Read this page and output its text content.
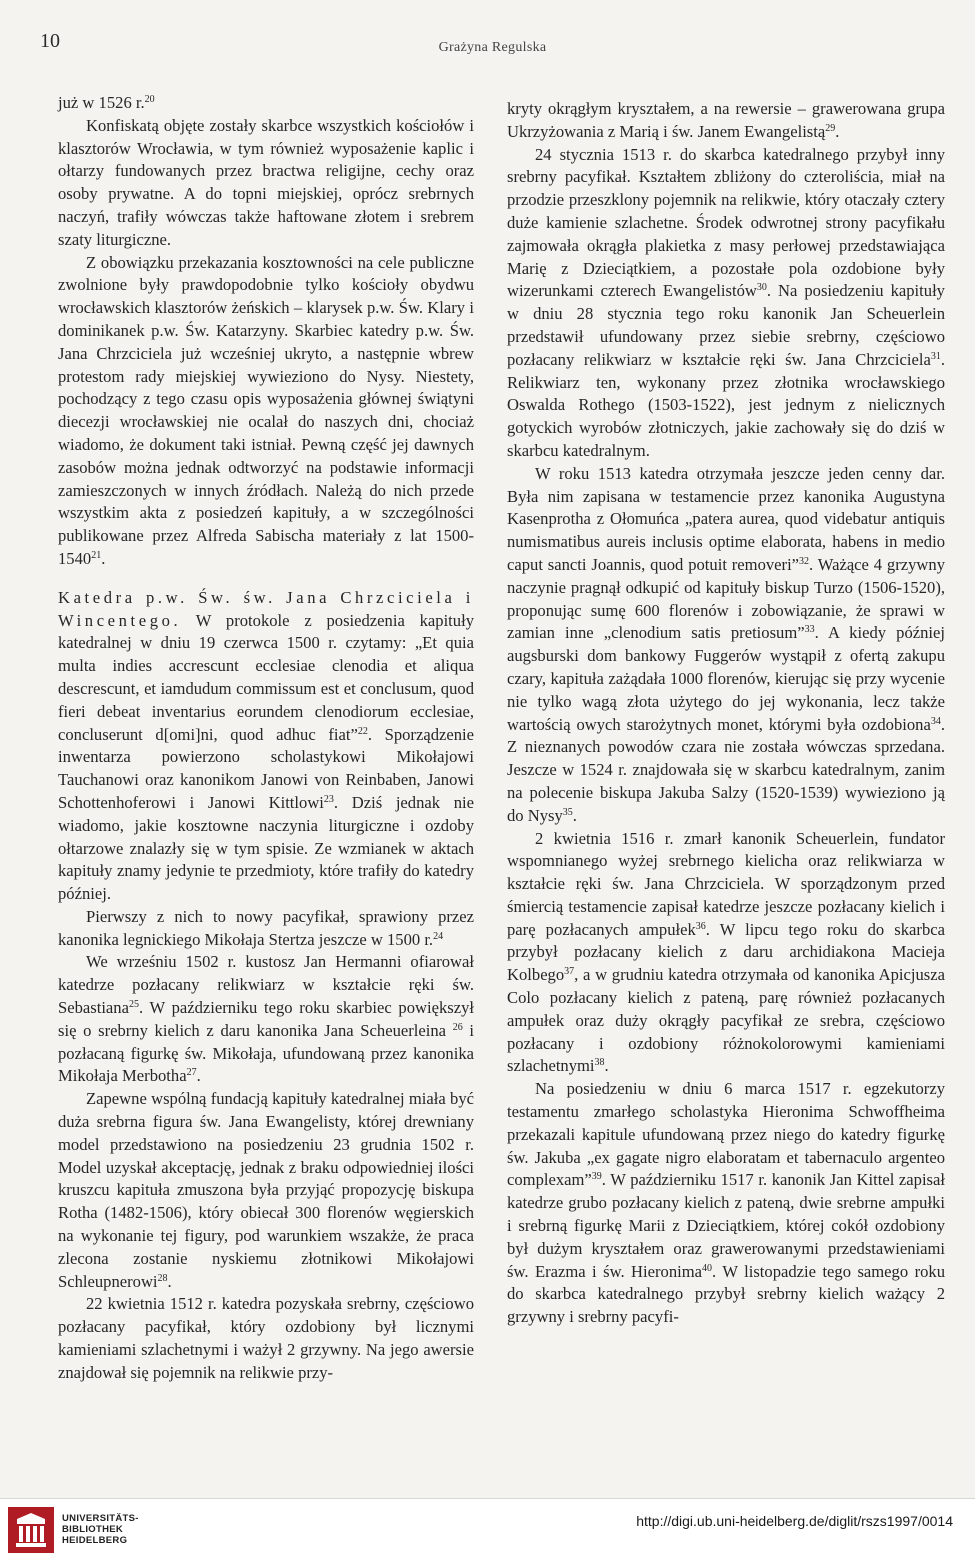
10	Grażyna Regulska

już w 1526 r.$^{20}$

Konfiskatą objęte zostały skarbce wszystkich kościołów i klasztorów Wrocławia, w tym również wyposażenie kaplic i ołtarzy fundowanych przez bractwa religijne, cechy oraz osoby prywatne. A do topni miejskiej, oprócz srebrnych naczyń, trafiły wówczas także haftowane złotem i srebrem szaty liturgiczne.

Z obowiązku przekazania kosztowności na cele publiczne zwolnione były prawdopodobnie tylko kościoły obydwu wrocławskich klasztorów żeńskich – klarysek p.w. Św. Klary i dominikanek p.w. Św. Katarzyny. Skarbiec katedry p.w. Św. Jana Chrzciciela już wcześniej ukryto, a następnie wbrew protestom rady miejskiej wywieziono do Nysy. Niestety, pochodzący z tego czasu opis wyposażenia głównej świątyni diecezji wrocławskiej nie ocalał do naszych dni, chociaż wiadomo, że dokument taki istniał. Pewną część jej dawnych zasobów można jednak odtworzyć na podstawie informacji zamieszczonych w innych źródłach. Należą do nich przede wszystkim akta z posiedzeń kapituły, a w szczególności publikowane przez Alfreda Sabischa materiały z lat 1500-1540$^{21}$.

Katedra p.w. Św. św. Jana Chrzciciela i Wincentego. W protokole z posiedzenia kapituły katedralnej w dniu 19 czerwca 1500 r. czytamy: „Et quia multa indies accrescunt ecclesiae clenodia et aliqua descrescunt, et iamdudum commissum est et conclusum, quod fieri debeat inventarius eorundem clenodiorum ecclesiae, concluserunt d[omi]ni, quod adhuc fiat”$^{22}$. Sporządzenie inwentarza powierzono scholastykowi Mikołajowi Tauchanowi oraz kanonikom Janowi von Reinbaben, Janowi Schottenhoferowi i Janowi Kittlowi$^{23}$. Dziś jednak nie wiadomo, jakie kosztowne naczynia liturgiczne i ozdoby ołtarzowe znalazły się w tym spisie. Ze wzmianek w aktach kapituły znamy jedynie te przedmioty, które trafiły do katedry później.

Pierwszy z nich to nowy pacyfikał, sprawiony przez kanonika legnickiego Mikołaja Stertza jeszcze w 1500 r.$^{24}$

We wrześniu 1502 r. kustosz Jan Hermanni ofiarował katedrze pozłacany relikwiarz w kształcie ręki św. Sebastiana$^{25}$. W październiku tego roku skarbiec powiększył się o srebrny kielich z daru kanonika Jana Scheuerleina $^{26}$ i pozłacaną figurkę św. Mikołaja, ufundowaną przez kanonika Mikołaja Merbotha$^{27}$.

Zapewne wspólną fundacją kapituły katedralnej miała być duża srebrna figura św. Jana Ewangelisty, której drewniany model przedstawiono na posiedzeniu 23 grudnia 1502 r. Model uzyskał akceptację, jednak z braku odpowiedniej ilości kruszcu kapituła zmuszona była przyjąć propozycję biskupa Rotha (1482-1506), który obiecał 300 florenów węgierskich na wykonanie tej figury, pod warunkiem wszakże, że praca zlecona zostanie nyskiemu złotnikowi Mikołajowi Schleupnerowi$^{28}$.

22 kwietnia 1512 r. katedra pozyskała srebrny, częściowo pozłacany pacyfikał, który ozdobiony był licznymi kamieniami szlachetnymi i ważył 2 grzywny. Na jego awersie znajdował się pojemnik na relikwie przy-

kryty okrągłym kryształem, a na rewersie – grawerowana grupa Ukrzyżowania z Marią i św. Janem Ewangelistą$^{29}$.

24 stycznia 1513 r. do skarbca katedralnego przybył inny srebrny pacyfikał. Kształtem zbliżony do czteroliścia, miał na przodzie przeszklony pojemnik na relikwie, który otaczały cztery duże kamienie szlachetne. Środek odwrotnej strony pacyfikału zajmowała okrągła plakietka z masy perłowej przedstawiająca Marię z Dzieciątkiem, a pozostałe pola ozdobione były wizerunkami czterech Ewangelistów$^{30}$. Na posiedzeniu kapituły w dniu 28 stycznia tego roku kanonik Jan Scheuerlein przedstawił ufundowany przez siebie srebrny, częściowo pozłacany relikwiarz w kształcie ręki św. Jana Chrzciciela$^{31}$. Relikwiarz ten, wykonany przez złotnika wrocławskiego Oswalda Rothego (1503-1522), jest jednym z nielicznych gotyckich wyrobów złotniczych, jakie zachowały się do dziś w skarbcu katedralnym.

W roku 1513 katedra otrzymała jeszcze jeden cenny dar. Była nim zapisana w testamencie przez kanonika Augustyna Kasenprotha z Ołomuńca „patera aurea, quod videbatur antiquis numismatibus aureis inclusis optime elaborata, habens in medio caput sancti Joannis, quod potuit removeri”$^{32}$. Ważące 4 grzywny naczynie pragnął odkupić od kapituły biskup Turzo (1506-1520), proponując sumę 600 florenów i zobowiązanie, że sprawi w zamian inne „clenodium satis pretiosum”$^{33}$. A kiedy później augsburski dom bankowy Fuggerów wystąpił z ofertą zakupu czary, kapituła zażądała 1000 florenów, kierując się przy wycenie nie tylko wagą złota użytego do jej wykonania, lecz także wartością owych starożytnych monet, którymi była ozdobiona$^{34}$. Z nieznanych powodów czara nie została wówczas sprzedana. Jeszcze w 1524 r. znajdowała się w skarbcu katedralnym, zanim na polecenie biskupa Jakuba Salzy (1520-1539) wywieziono ją do Nysy$^{35}$.

2 kwietnia 1516 r. zmarł kanonik Scheuerlein, fundator wspomnianego wyżej srebrnego kielicha oraz relikwiarza w kształcie ręki św. Jana Chrzciciela. W sporządzonym przed śmiercią testamencie zapisał katedrze jeszcze pozłacany kielich i parę pozłacanych ampułek$^{36}$. W lipcu tego roku do skarbca przybył pozłacany kielich z daru archidiakona Macieja Kolbego$^{37}$, a w grudniu katedra otrzymała od kanonika Apicjusza Colo pozłacany kielich z pateną, parę również pozłacanych ampułek oraz duży okrągły pacyfikał ze srebra, częściowo pozłacany i ozdobiony różnokolorowymi kamieniami szlachetnymi$^{38}$.

Na posiedzeniu w dniu 6 marca 1517 r. egzekutorzy testamentu zmarłego scholastyka Hieronima Schwoffheima przekazali kapitule ufundowaną przez niego do katedry figurkę św. Jakuba „ex gagate nigro elaboratam et tabernaculo argenteo complexam”$^{39}$. W październiku 1517 r. kanonik Jan Kittel zapisał katedrze grubo pozłacany kielich z pateną, dwie srebrne ampułki i srebrną figurkę Marii z Dzieciątkiem, której cokół ozdobiony był dużym kryształem oraz grawerowanymi przedstawieniami św. Erazma i św. Hieronima$^{40}$. W listopadzie tego samego roku do skarbca katedralnego przybył srebrny kielich ważący 2 grzywny i srebrny pacyfi-

UNIVERSITÄTS-
BIBLIOTHEK
HEIDELBERG
http://digi.ub.uni-heidelberg.de/diglit/rszs1997/0014
